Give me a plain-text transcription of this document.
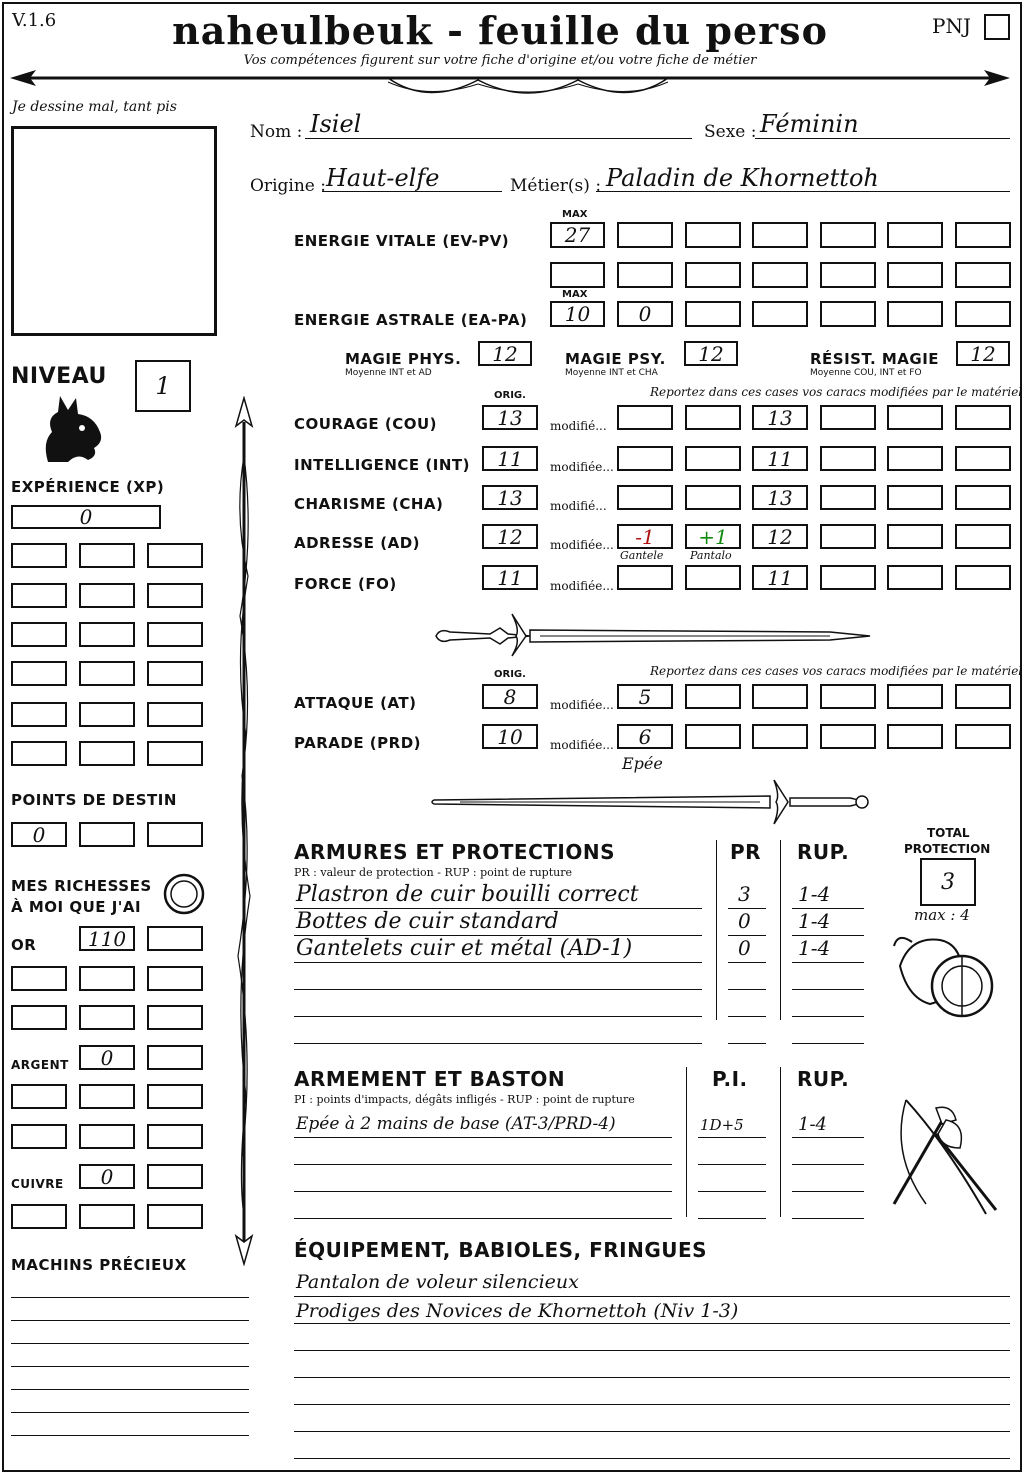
V.1.6	naheulbeuk - feuille du perso
Vos compétences figurent sur votre fiche d'origine et/ou votre fiche de métier
PNJ
Je dessine mal, tant pis
Nom : Isiel	Sexe : Féminin
Origine : Haut-elfe	Métier(s) : Paladin de Khornettoh
MAX
ENERGIE VITALE (EV-PV)	27
MAX
ENERGIE ASTRALE (EA-PA)	10	0
MAGIE PHYS.
Moyenne INT et AD
12	MAGIE PSY.
Moyenne INT et CHA
12	RÉSIST. MAGIE
Moyenne COU, INT et FO
12
ORIG.	Reportez dans ces cases vos caracs modifiées par le matériel
ORIG.	Reportez dans ces cases vos caracs modifiées par le matériel
Epée
NIVEAU	1
EXPÉRIENCE (XP)
0
POINTS DE DESTIN
0
MES RICHESSES
À MOI QUE J'AI
OR	110
ARGENT	0
CUIVRE	0
MACHINS PRÉCIEUX
ARMURES ET PROTECTIONS
PR : valeur de protection - RUP : point de rupture
PR RUP.
TOTAL
PROTECTION
3
max : 4
ARMEMENT ET BASTON
PI : points d'impacts, dégâts infligés - RUP : point de rupture
P.I. RUP.
ÉQUIPEMENT, BABIOLES, FRINGUES
Pantalon de voleur silencieux
Prodiges des Novices de Khornettoh (Niv 1-3)
COURAGE (COU)	13	modifié...	13
INTELLIGENCE (INT)	11	modifiée...	11
CHARISME (CHA)	13	modifié...	13
ADRESSE (AD)	12	modifiée...	-1	+1	12
Gantele Pantalo
FORCE (FO)	11	modifiée...	11
ATTAQUE (AT)	8	modifiée...	5
PARADE (PRD)	10	modifiée...	6
Plastron de cuir bouilli correct	3 1-4
Bottes de cuir standard	0 1-4
Gantelets cuir et métal (AD-1)	0 1-4
Epée à 2 mains de base (AT-3/PRD-4)	1D+5	1-4
